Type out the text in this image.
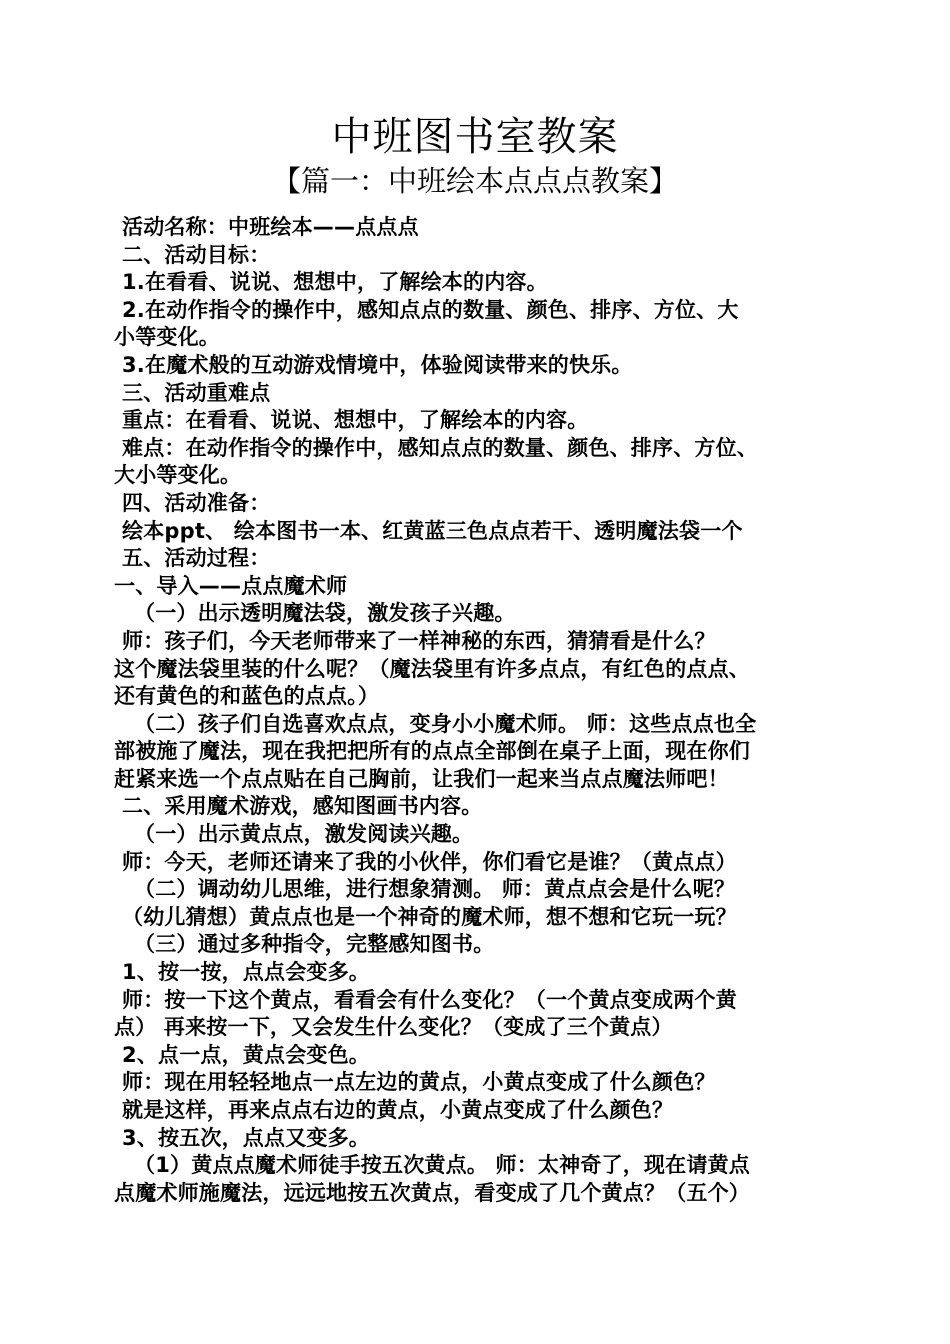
中班图书室教案
【篇一：中班绘本点点点教案】
活动名称：中班绘本——点点点
二、活动目标：
1.在看看、说说、想想中，了解绘本的内容。
2.在动作指令的操作中，感知点点的数量、颜色、排序、方位、大
小等变化。
3.在魔术般的互动游戏情境中，体验阅读带来的快乐。
三、活动重难点
重点：在看看、说说、想想中，了解绘本的内容。
难点：在动作指令的操作中，感知点点的数量、颜色、排序、方位、
大小等变化。
四、活动准备：
绘本ppt、 绘本图书一本、红黄蓝三色点点若干、透明魔法袋一个
五、活动过程：
一、导入——点点魔术师
（一）出示透明魔法袋，激发孩子兴趣。
师：孩子们，今天老师带来了一样神秘的东西，猜猜看是什么？
这个魔法袋里装的什么呢？（魔法袋里有许多点点，有红色的点点、
还有黄色的和蓝色的点点。）
（二）孩子们自选喜欢点点，变身小小魔术师。 师：这些点点也全
部被施了魔法，现在我把把所有的点点全部倒在桌子上面，现在你们
赶紧来选一个点点贴在自己胸前，让我们一起来当点点魔法师吧！
二、采用魔术游戏，感知图画书内容。
（一）出示黄点点，激发阅读兴趣。
师：今天，老师还请来了我的小伙伴，你们看它是谁？（黄点点）
（二）调动幼儿思维，进行想象猜测。 师：黄点点会是什么呢？
（幼儿猜想）黄点点也是一个神奇的魔术师，想不想和它玩一玩？
（三）通过多种指令，完整感知图书。
1、按一按，点点会变多。
师：按一下这个黄点，看看会有什么变化？（一个黄点变成两个黄
点） 再来按一下，又会发生什么变化？（变成了三个黄点）
2、点一点，黄点会变色。
师：现在用轻轻地点一点左边的黄点，小黄点变成了什么颜色？
就是这样，再来点点右边的黄点，小黄点变成了什么颜色？
3、按五次，点点又变多。
（1）黄点点魔术师徒手按五次黄点。 师：太神奇了，现在请黄点
点魔术师施魔法，远远地按五次黄点，看变成了几个黄点？（五个）
